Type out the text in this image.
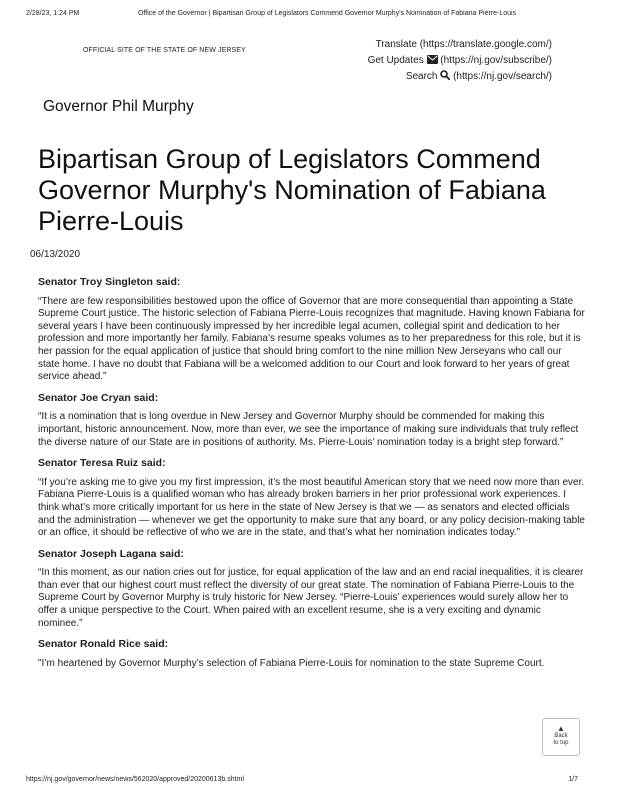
2/28/23, 1:24 PM	Office of the Governor | Bipartisan Group of Legislators Commend Governor Murphy's Nomination of Fabiana Pierre-Louis
OFFICIAL SITE OF THE STATE OF NEW JERSEY
Translate (https://translate.google.com/)
Get Updates (https://nj.gov/subscribe/)
Search (https://nj.gov/search/)
Governor Phil Murphy
Bipartisan Group of Legislators Commend Governor Murphy's Nomination of Fabiana Pierre-Louis
06/13/2020

Senator Troy Singleton said:

“There are few responsibilities bestowed upon the office of Governor that are more consequential than appointing a State Supreme Court justice. The historic selection of Fabiana Pierre-Louis recognizes that magnitude. Having known Fabiana for several years I have been continuously impressed by her incredible legal acumen, collegial spirit and dedication to her profession and more importantly her family. Fabiana’s resume speaks volumes as to her preparedness for this role, but it is her passion for the equal application of justice that should bring comfort to the nine million New Jerseyans who call our state home. I have no doubt that Fabiana will be a welcomed addition to our Court and look forward to her years of great service ahead.”

Senator Joe Cryan said:

“It is a nomination that is long overdue in New Jersey and Governor Murphy should be commended for making this important, historic announcement. Now, more than ever, we see the importance of making sure individuals that truly reflect the diverse nature of our State are in positions of authority. Ms. Pierre-Louis’ nomination today is a bright step forward.”

Senator Teresa Ruiz said:

“If you’re asking me to give you my first impression, it’s the most beautiful American story that we need now more than ever. Fabiana Pierre-Louis is a qualified woman who has already broken barriers in her prior professional work experiences. I think what’s more critically important for us here in the state of New Jersey is that we — as senators and elected officials and the administration — whenever we get the opportunity to make sure that any board, or any policy decision-making table or an office, it should be reflective of who we are in the state, and that’s what her nomination indicates today.”

Senator Joseph Lagana said:

“In this moment, as our nation cries out for justice, for equal application of the law and an end racial inequalities, it is clearer than ever that our highest court must reflect the diversity of our great state. The nomination of Fabiana Pierre-Louis to the Supreme Court by Governor Murphy is truly historic for New Jersey. “Pierre-Louis’ experiences would surely allow her to offer a unique perspective to the Court. When paired with an excellent resume, she is a very exciting and dynamic nominee.”

Senator Ronald Rice said:

"I’m heartened by Governor Murphy’s selection of Fabiana Pierre-Louis for nomination to the state Supreme Court.

▲
Back
to top
https://nj.gov/governor/news/news/562020/approved/20200613b.shtml	1/7
